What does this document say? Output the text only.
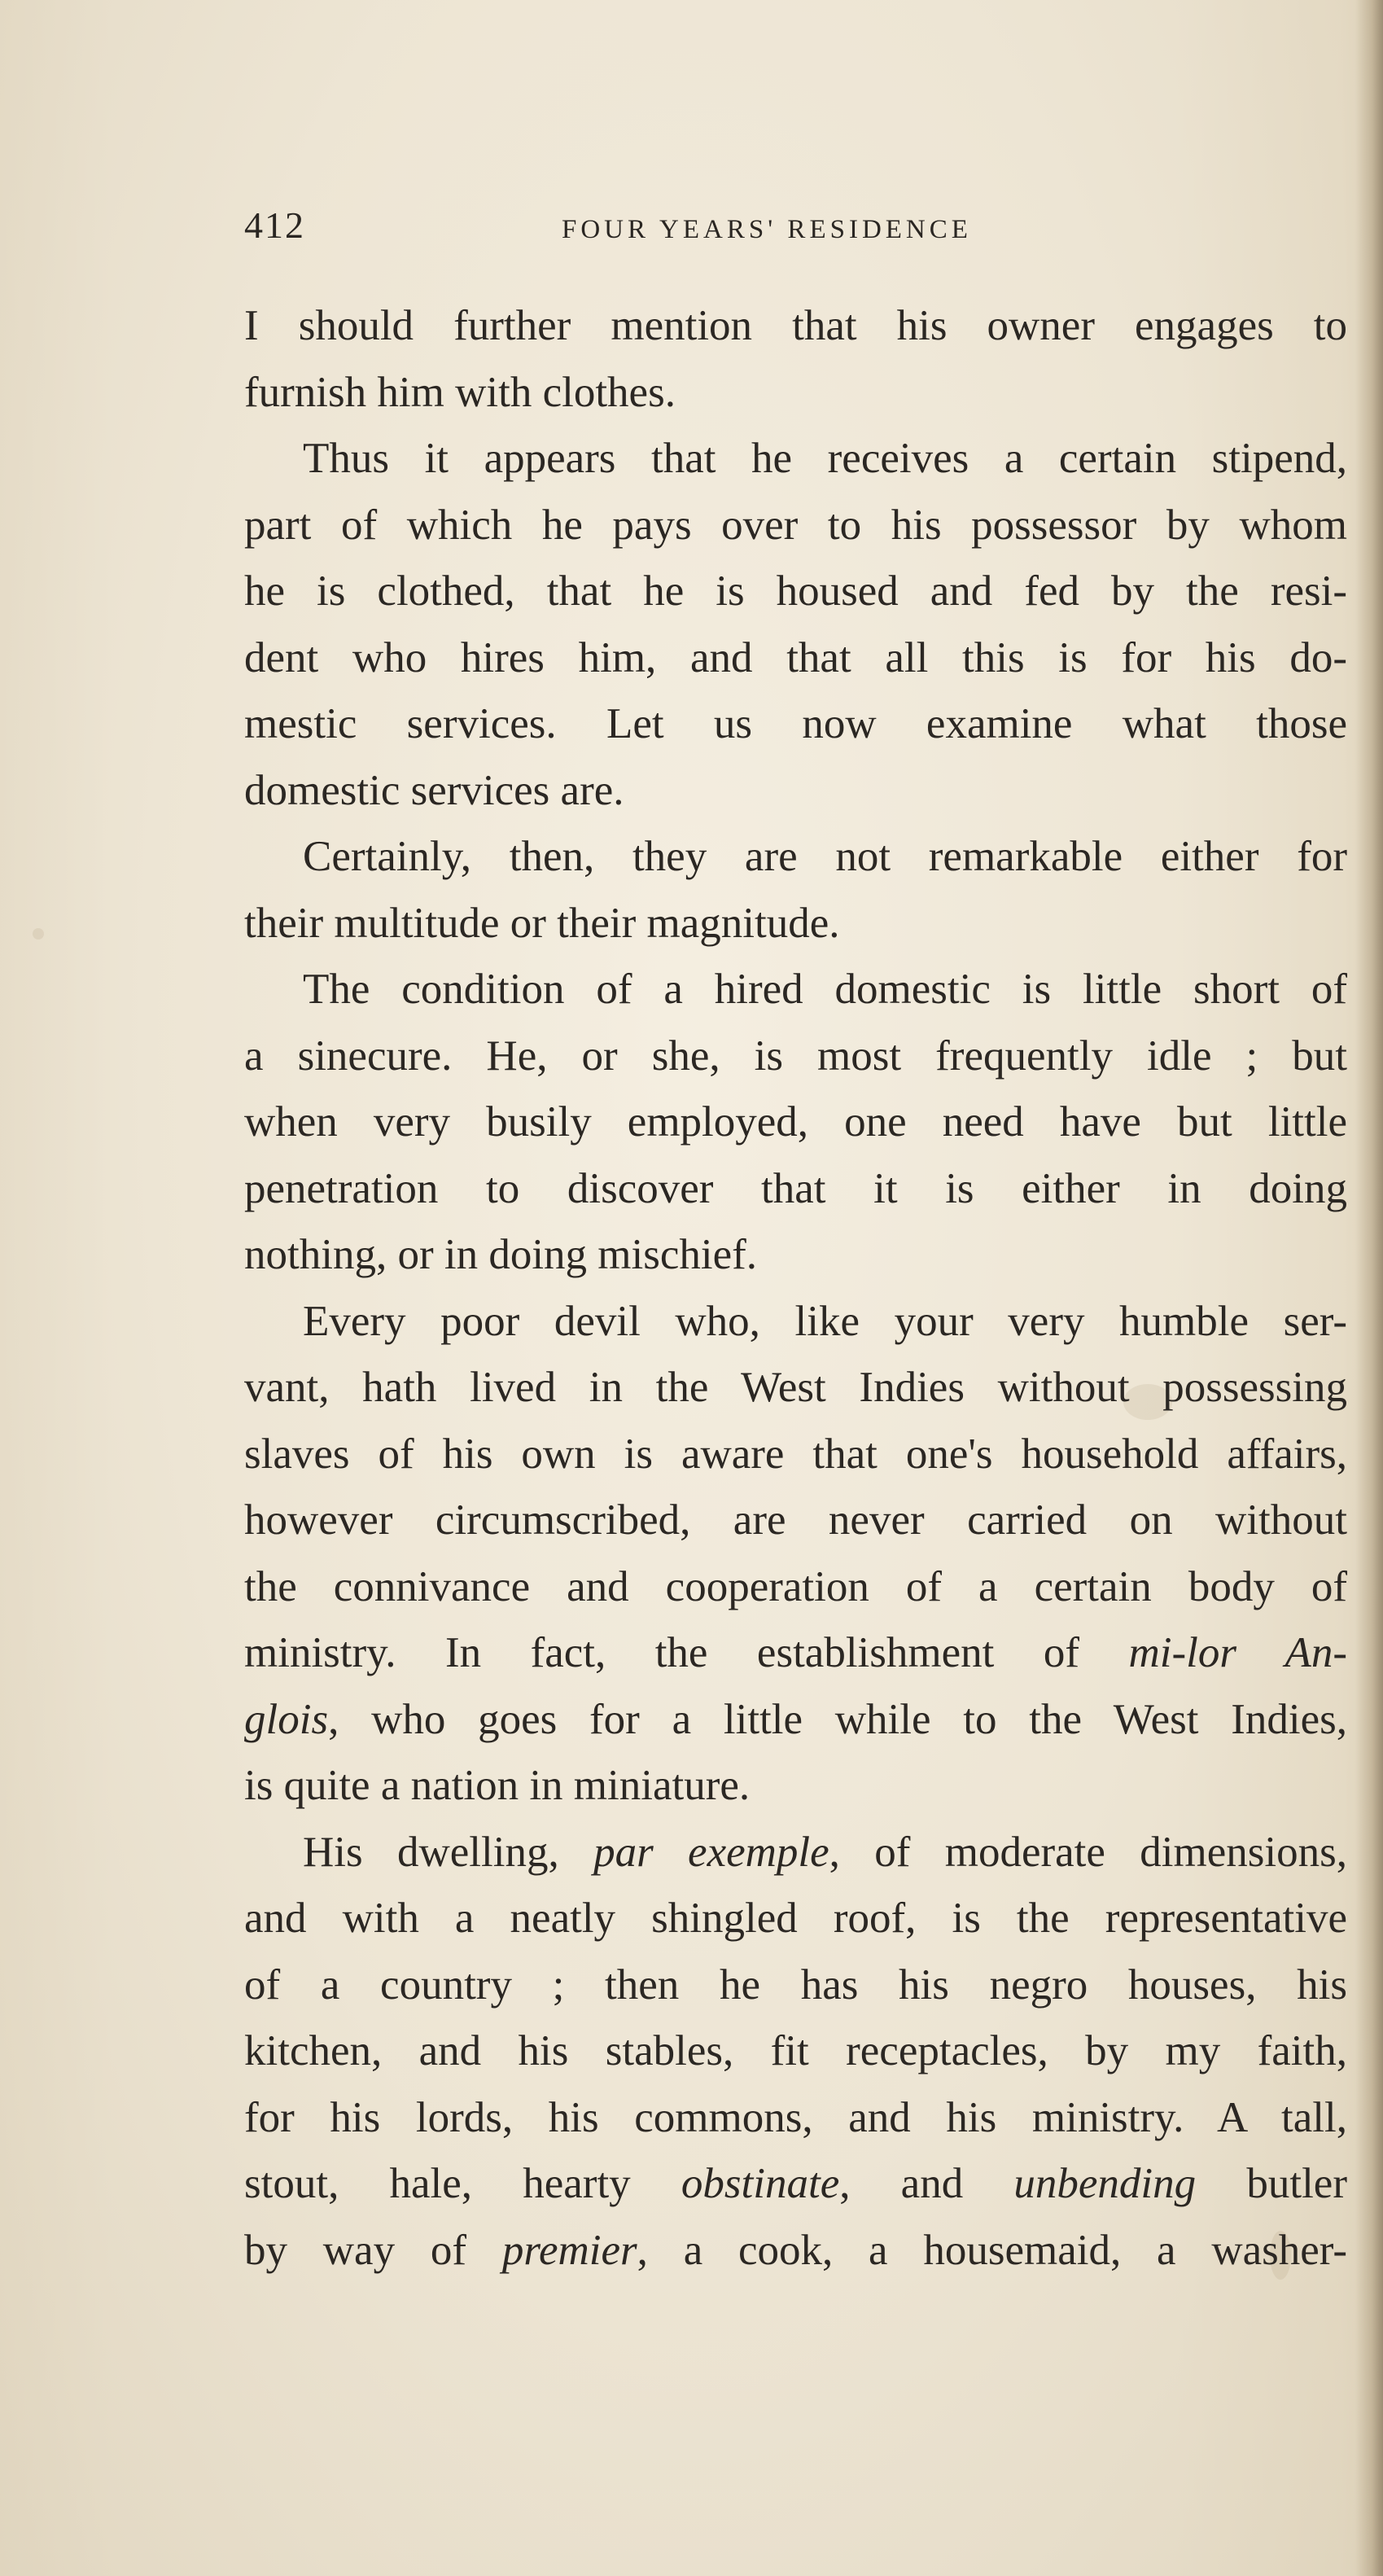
412	FOUR YEARS' RESIDENCE
I should further mention that his owner engages to
furnish him with clothes.
Thus it appears that he receives a certain stipend,
part of which he pays over to his possessor by whom
he is clothed, that he is housed and fed by the resi-
dent who hires him, and that all this is for his do-
mestic services. Let us now examine what those
domestic services are.
Certainly, then, they are not remarkable either for
their multitude or their magnitude.
The condition of a hired domestic is little short of
a sinecure. He, or she, is most frequently idle ; but
when very busily employed, one need have but little
penetration to discover that it is either in doing
nothing, or in doing mischief.
Every poor devil who, like your very humble ser-
vant, hath lived in the West Indies without possessing
slaves of his own is aware that one's household affairs,
however circumscribed, are never carried on without
the connivance and cooperation of a certain body of
ministry. In fact, the establishment of mi-lor An-
glois, who goes for a little while to the West Indies,
is quite a nation in miniature.
His dwelling, par exemple, of moderate dimensions,
and with a neatly shingled roof, is the representative
of a country ; then he has his negro houses, his
kitchen, and his stables, fit receptacles, by my faith,
for his lords, his commons, and his ministry. A tall,
stout, hale, hearty obstinate, and unbending butler
by way of premier, a cook, a housemaid, a washer-
